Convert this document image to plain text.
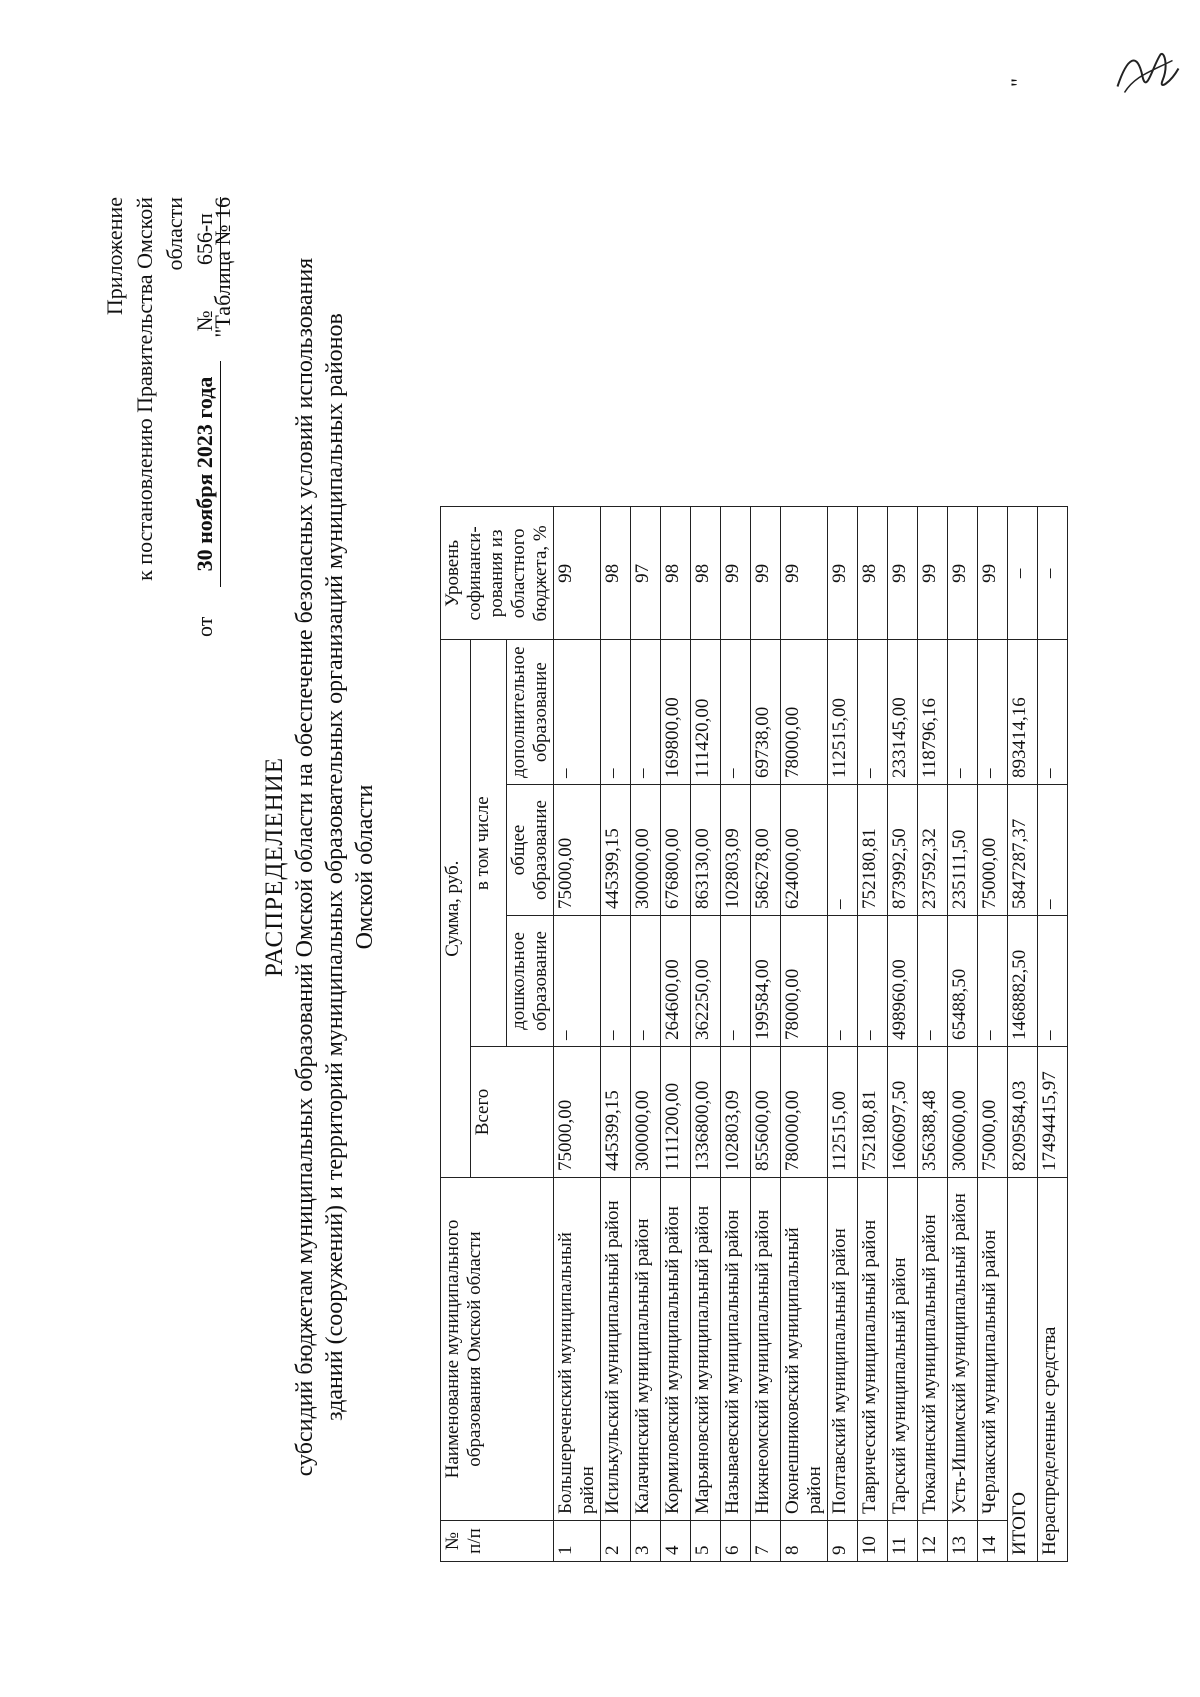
Приложение к постановлению Правительства Омской области
от
30 ноября 2023 года
№
656-п
"Таблица № 16
РАСПРЕДЕЛЕНИЕ субсидий бюджетам муниципальных образований Омской области на обеспечение безопасных условий использования зданий (сооружений) и территорий муниципальных образовательных организаций муниципальных районов Омской области
№ п/п	Наименование муниципального образования Омской области	Сумма, руб.				Уровень софинанси-рования из областного бюджета, %
		Всего	в том числе			
			дошкольное образование	общее образование	дополнительное образование	
1	Большереченский муниципальный район	75000,00	–	75000,00	–	99
2	Исилькульский муниципальный район	445399,15	–	445399,15	–	98
3	Калачинский муниципальный район	300000,00	–	300000,00	–	97
4	Кормиловский муниципальный район	1111200,00	264600,00	676800,00	169800,00	98
5	Марьяновский муниципальный район	1336800,00	362250,00	863130,00	111420,00	98
6	Называевский муниципальный район	102803,09	–	102803,09	–	99
7	Нижнеомский муниципальный район	855600,00	199584,00	586278,00	69738,00	99
8	Оконешниковский муниципальный район	780000,00	78000,00	624000,00	78000,00	99
9	Полтавский муниципальный район	112515,00	–	–	112515,00	99
10	Таврический муниципальный район	752180,81	–	752180,81	–	98
11	Тарский муниципальный район	1606097,50	498960,00	873992,50	233145,00	99
12	Тюкалинский муниципальный район	356388,48	–	237592,32	118796,16	99
13	Усть-Ишимский муниципальный район	300600,00	65488,50	235111,50	–	99
14	Черлакский муниципальный район	75000,00	–	75000,00	–	99
ИТОГО		8209584,03	1468882,50	5847287,37	893414,16	–
Нераспределенные средства		17494415,97	–	–	–	–
"
